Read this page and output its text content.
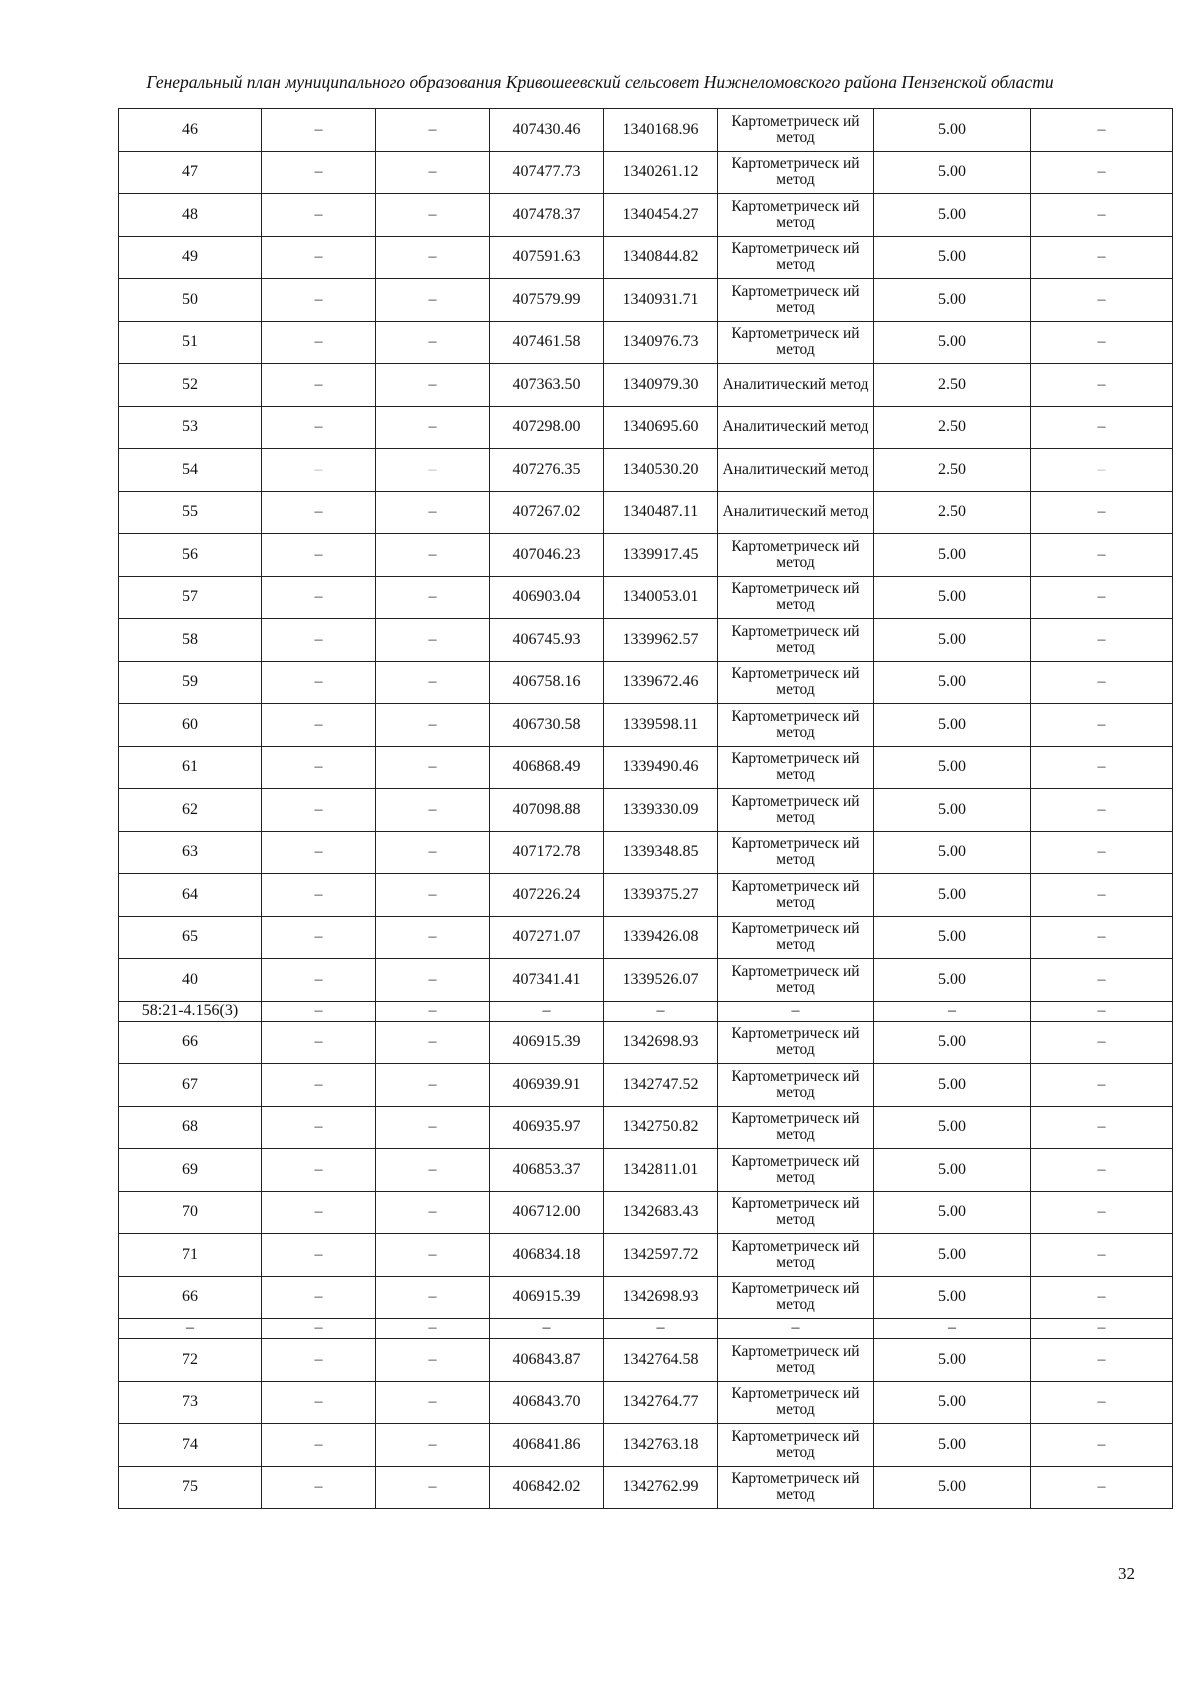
Генеральный план муниципального образования Кривошеевский сельсовет Нижнеломовского района Пензенской области
46	–	–	407430.46	1340168.96	Картометрическ ий метод	5.00	–
47	–	–	407477.73	1340261.12	Картометрическ ий метод	5.00	–
48	–	–	407478.37	1340454.27	Картометрическ ий метод	5.00	–
49	–	–	407591.63	1340844.82	Картометрическ ий метод	5.00	–
50	–	–	407579.99	1340931.71	Картометрическ ий метод	5.00	–
51	–	–	407461.58	1340976.73	Картометрическ ий метод	5.00	–
52	–	–	407363.50	1340979.30	Аналитический метод	2.50	–
53	–	–	407298.00	1340695.60	Аналитический метод	2.50	–
54	–	–	407276.35	1340530.20	Аналитический метод	2.50	–
55	–	–	407267.02	1340487.11	Аналитический метод	2.50	–
56	–	–	407046.23	1339917.45	Картометрическ ий метод	5.00	–
57	–	–	406903.04	1340053.01	Картометрическ ий метод	5.00	–
58	–	–	406745.93	1339962.57	Картометрическ ий метод	5.00	–
59	–	–	406758.16	1339672.46	Картометрическ ий метод	5.00	–
60	–	–	406730.58	1339598.11	Картометрическ ий метод	5.00	–
61	–	–	406868.49	1339490.46	Картометрическ ий метод	5.00	–
62	–	–	407098.88	1339330.09	Картометрическ ий метод	5.00	–
63	–	–	407172.78	1339348.85	Картометрическ ий метод	5.00	–
64	–	–	407226.24	1339375.27	Картометрическ ий метод	5.00	–
65	–	–	407271.07	1339426.08	Картометрическ ий метод	5.00	–
40	–	–	407341.41	1339526.07	Картометрическ ий метод	5.00	–
58:21-4.156(3)	–	–	–	–	–	–	–
66	–	–	406915.39	1342698.93	Картометрическ ий метод	5.00	–
67	–	–	406939.91	1342747.52	Картометрическ ий метод	5.00	–
68	–	–	406935.97	1342750.82	Картометрическ ий метод	5.00	–
69	–	–	406853.37	1342811.01	Картометрическ ий метод	5.00	–
70	–	–	406712.00	1342683.43	Картометрическ ий метод	5.00	–
71	–	–	406834.18	1342597.72	Картометрическ ий метод	5.00	–
66	–	–	406915.39	1342698.93	Картометрическ ий метод	5.00	–
–	–	–	–	–	–	–	–
72	–	–	406843.87	1342764.58	Картометрическ ий метод	5.00	–
73	–	–	406843.70	1342764.77	Картометрическ ий метод	5.00	–
74	–	–	406841.86	1342763.18	Картометрическ ий метод	5.00	–
75	–	–	406842.02	1342762.99	Картометрическ ий метод	5.00	–
32
